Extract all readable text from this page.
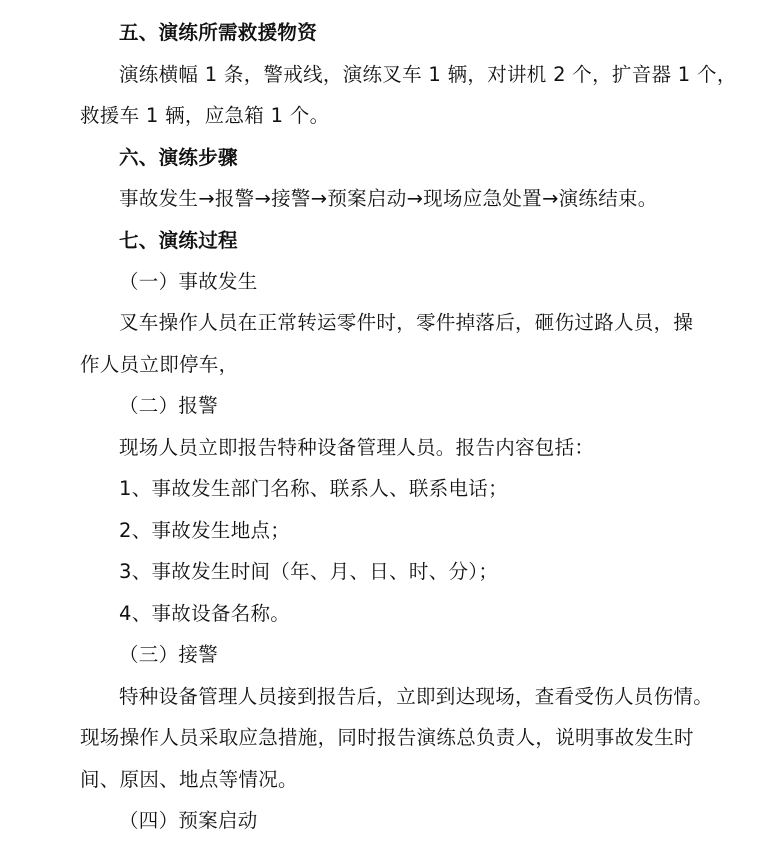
五、演练所需救援物资
演练横幅 1 条，警戒线，演练叉车 1 辆，对讲机 2 个，扩音器 1 个，
救援车 1 辆，应急箱 1 个。
六、演练步骤
事故发生→报警→接警→预案启动→现场应急处置→演练结束。
七、演练过程
（一）事故发生
叉车操作人员在正常转运零件时，零件掉落后，砸伤过路人员，操
作人员立即停车，
（二）报警
现场人员立即报告特种设备管理人员。报告内容包括：
1、事故发生部门名称、联系人、联系电话；
2、事故发生地点；
3、事故发生时间（年、月、日、时、分）；
4、事故设备名称。
（三）接警
特种设备管理人员接到报告后，立即到达现场，查看受伤人员伤情。
现场操作人员采取应急措施，同时报告演练总负责人，说明事故发生时
间、原因、地点等情况。
（四）预案启动
